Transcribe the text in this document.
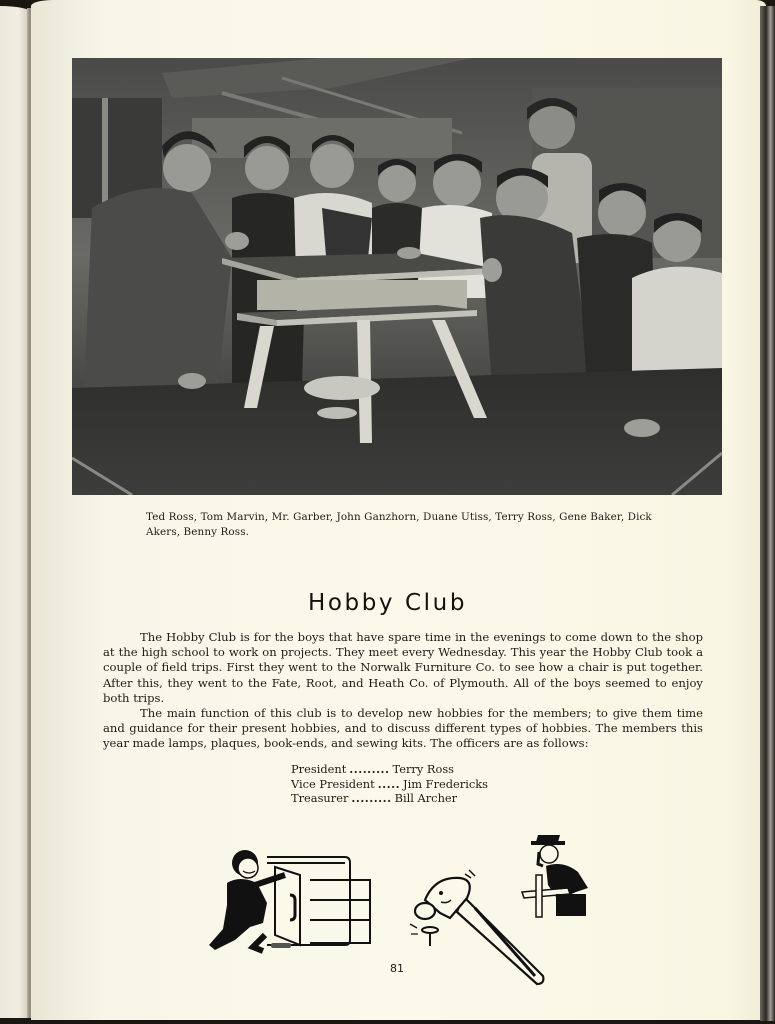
Ted Ross, Tom Marvin, Mr. Garber, John Ganzhorn, Duane Utiss, Terry Ross, Gene Baker, Dick Akers, Benny Ross.
Hobby Club

The Hobby Club is for the boys that have spare time in the evenings to come down to the shop at the high school to work on projects. They meet every Wednesday. This year the Hobby Club took a couple of field trips. First they went to the Norwalk Furniture Co. to see how a chair is put together. After this, they went to the Fate, Root, and Heath Co. of Plymouth. All of the boys seemed to enjoy both trips.

The main function of this club is to develop new hobbies for the members; to give them time and guidance for their present hobbies, and to discuss different types of hobbies. The members this year made lamps, plaques, book-ends, and sewing kits. The officers are as follows:

President ......... Terry Ross
Vice President ..... Jim Fredericks
Treasurer ......... Bill Archer
81
